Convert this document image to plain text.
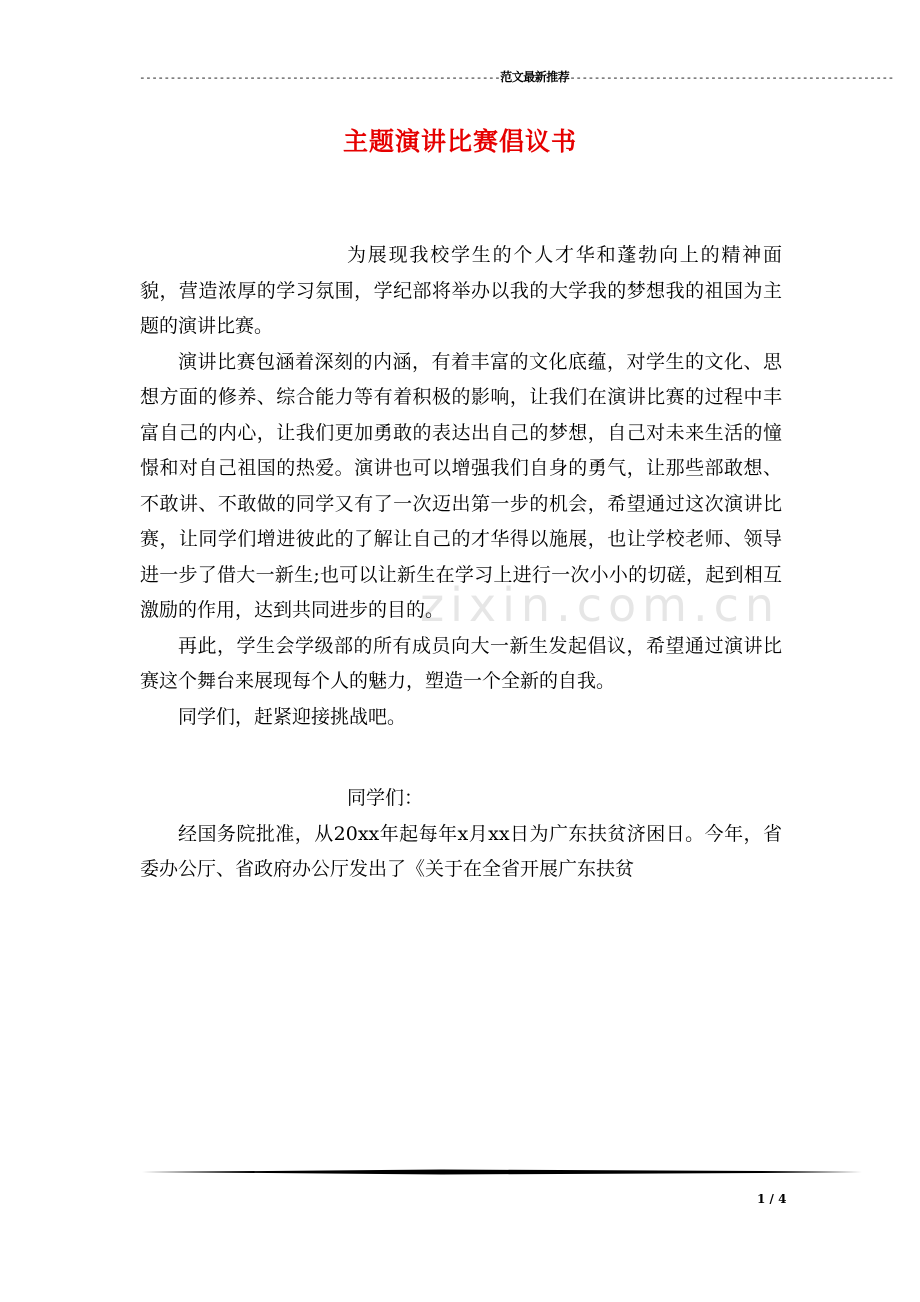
-----------------------------------------------------------范文最新推荐-----------------------------------------------------
主题演讲比赛倡议书
zixin.com.cn

为展现我校学生的个人才华和蓬勃向上的精神面貌，营造浓厚的学习氛围，学纪部将举办以我的大学我的梦想我的祖国为主题的演讲比赛。

演讲比赛包涵着深刻的内涵，有着丰富的文化底蕴，对学生的文化、思想方面的修养、综合能力等有着积极的影响，让我们在演讲比赛的过程中丰富自己的内心，让我们更加勇敢的表达出自己的梦想，自己对未来生活的憧憬和对自己祖国的热爱。演讲也可以增强我们自身的勇气，让那些部敢想、不敢讲、不敢做的同学又有了一次迈出第一步的机会，希望通过这次演讲比赛，让同学们增进彼此的了解让自己的才华得以施展，也让学校老师、领导进一步了借大一新生;也可以让新生在学习上进行一次小小的切磋，起到相互激励的作用，达到共同进步的目的。

再此，学生会学级部的所有成员向大一新生发起倡议，希望通过演讲比赛这个舞台来展现每个人的魅力，塑造一个全新的自我。

同学们，赶紧迎接挑战吧。

同学们：

经国务院批准，从20xx年起每年x月xx日为广东扶贫济困日。今年，省委办公厅、省政府办公厅发出了《关于在全省开展广东扶贫

1 / 4
